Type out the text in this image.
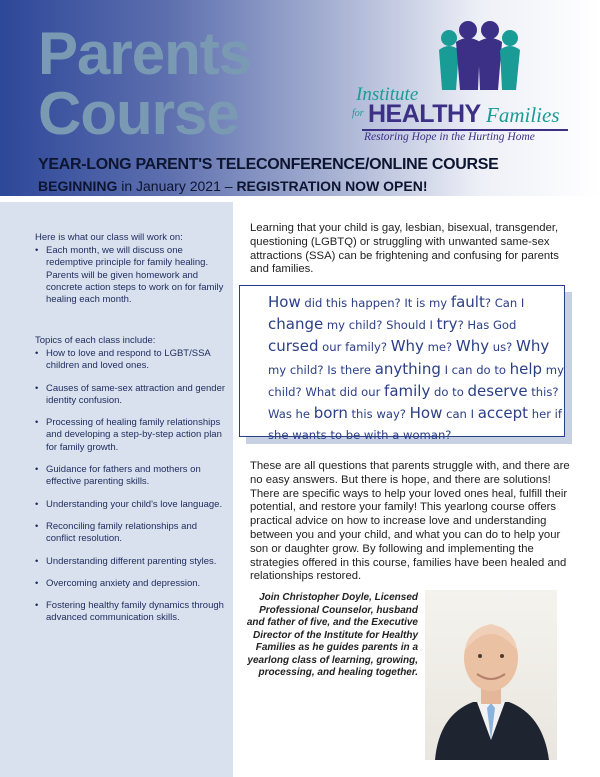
Parents
Course	Institute
for HEALTHY Families
Restoring Hope in the Hurting Home
YEAR-LONG PARENT'S TELECONFERENCE/ONLINE COURSE
BEGINNING in January 2021 – REGISTRATION NOW OPEN!
Here is what our class will work on:
• Each month, we will discuss one redemptive principle for family healing. Parents will be given homework and concrete action steps to work on for family healing each month.
Topics of each class include:
• How to love and respond to LGBT/SSA children and loved ones.
• Causes of same-sex attraction and gender identity confusion.
• Processing of healing family relationships and developing a step-by-step action plan for family growth.
• Guidance for fathers and mothers on effective parenting skills.
• Understanding your child's love language.
• Reconciling family relationships and conflict resolution.
• Understanding different parenting styles.
• Overcoming anxiety and depression.
• Fostering healthy family dynamics through advanced communication skills.
Learning that your child is gay, lesbian, bisexual, transgender, questioning (LGBTQ) or struggling with unwanted same-sex attractions (SSA) can be frightening and confusing for parents and families.
How did this happen? It is my fault? Can I change my child? Should I try? Has God cursed our family? Why me? Why us? Why my child? Is there anything I can do to help my child? What did our family do to deserve this? Was he born this way? How can I accept her if she wants to be with a woman?
These are all questions that parents struggle with, and there are no easy answers. But there is hope, and there are solutions! There are specific ways to help your loved ones heal, fulfill their potential, and restore your family! This yearlong course offers practical advice on how to increase love and understanding between you and your child, and what you can do to help your son or daughter grow. By following and implementing the strategies offered in this course, families have been healed and relationships restored.
Join Christopher Doyle, Licensed Professional Counselor, husband and father of five, and the Executive Director of the Institute for Healthy Families as he guides parents in a yearlong class of learning, growing, processing, and healing together.
